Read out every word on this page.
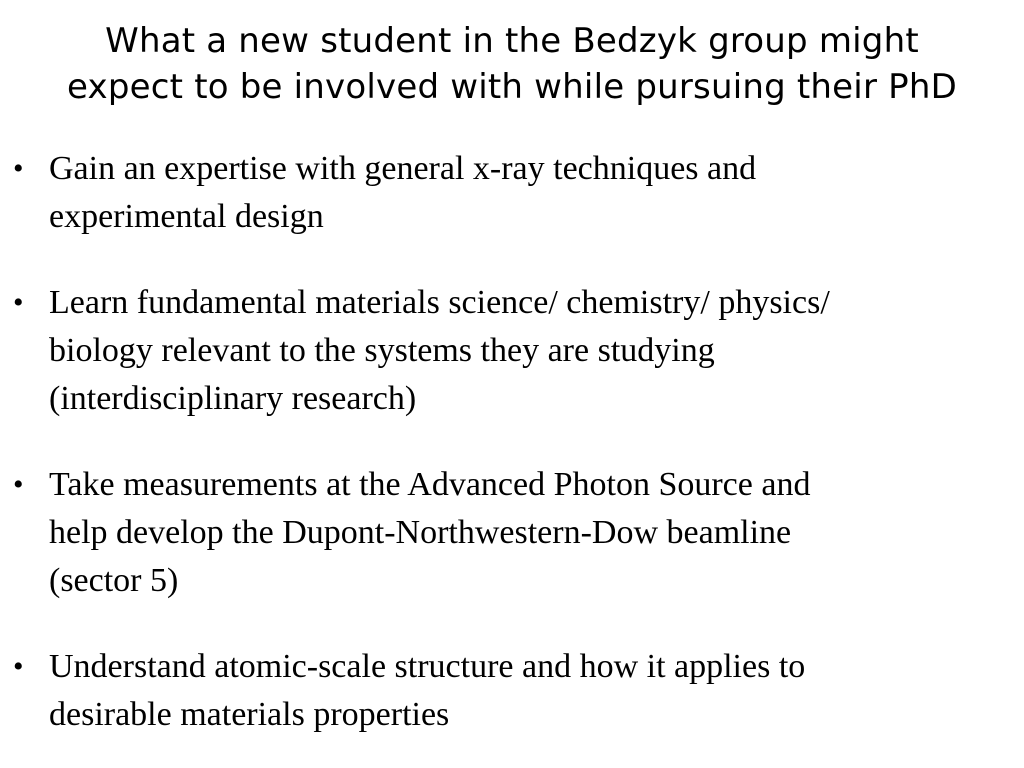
What a new student in the Bedzyk group might
expect to be involved with while pursuing their PhD
• Gain an expertise with general x-ray techniques and
experimental design
• Learn fundamental materials science/ chemistry/ physics/
biology relevant to the systems they are studying
(interdisciplinary research)
• Take measurements at the Advanced Photon Source and
help develop the Dupont-Northwestern-Dow beamline
(sector 5)
• Understand atomic-scale structure and how it applies to
desirable materials properties
